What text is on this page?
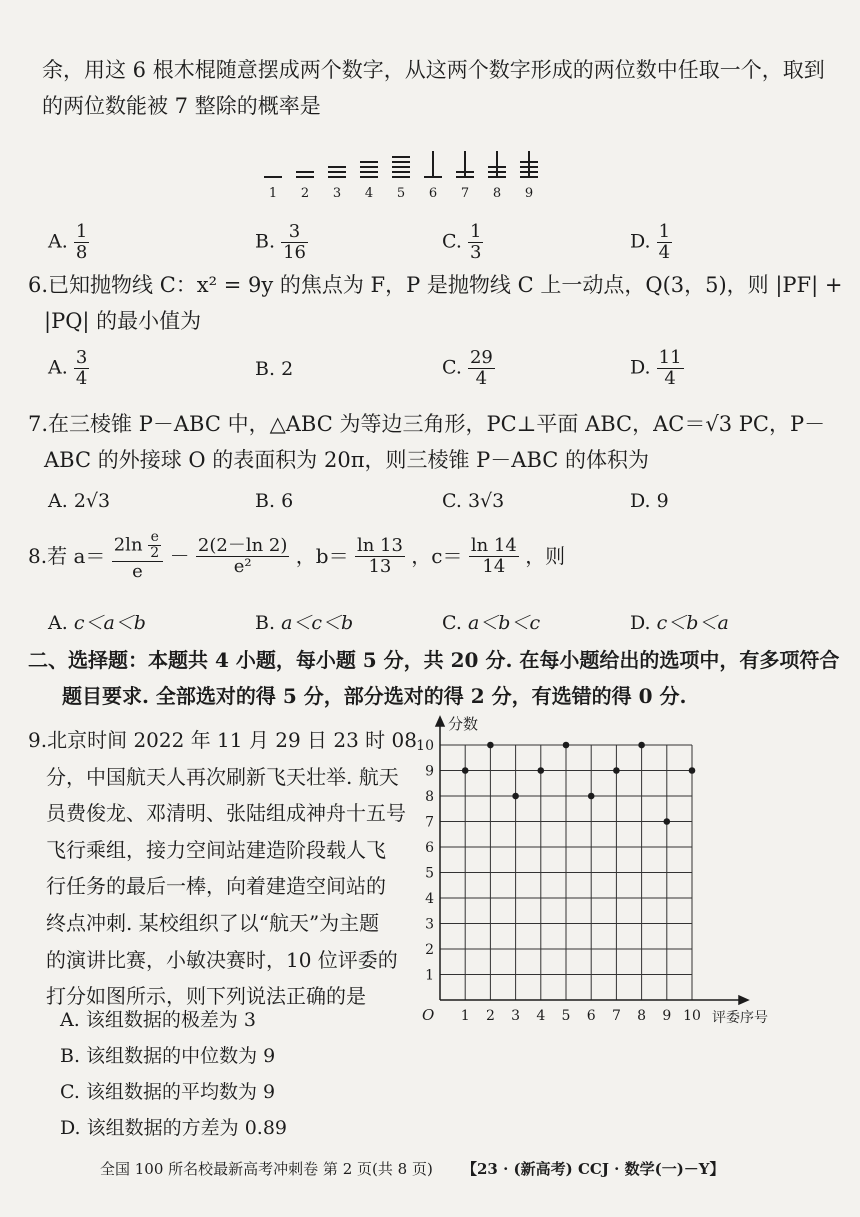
余，用这 6 根木棍随意摆成两个数字，从这两个数字形成的两位数中任取一个，取到
的两位数能被 7 整除的概率是
1 2 3 4 5 6 7 8 9
A. $\frac{1}{8}$	B. $\frac{3}{16}$	C. $\frac{1}{3}$	D. $\frac{1}{4}$
6.已知抛物线 C：x² = 9y 的焦点为 F，P 是抛物线 C 上一动点，Q(3，5)，则 |PF| +
|PQ| 的最小值为
A. $\frac{3}{4}$	B. 2	C. $\frac{29}{4}$	D. $\frac{11}{4}$
7.在三棱锥 P－ABC 中，△ABC 为等边三角形，PC⊥平面 ABC，AC＝√3 PC，P－
ABC 的外接球 O 的表面积为 20π，则三棱锥 P－ABC 的体积为
A. 2√3	B. 6	C. 3√3	D. 9
8.若 $a= \frac{2\ln \frac{e}{2}}{e} - \frac{2(2-\ln 2)}{\text{e²}}$ ，$b= \frac{\ln 13}{13}$ ，$c= \frac{\ln 14}{14}$ ，则
A. c＜a＜b	B. a＜c＜b	C. a＜b＜c	D. c＜b＜a
二、选择题：本题共 4 小题，每小题 5 分，共 20 分. 在每小题给出的选项中，有多项符合
题目要求. 全部选对的得 5 分，部分选对的得 2 分，有选错的得 0 分.
9.北京时间 2022 年 11 月 29 日 23 时 08
分，中国航天人再次刷新飞天壮举. 航天
员费俊龙、邓清明、张陆组成神舟十五号
飞行乘组，接力空间站建造阶段载人飞
行任务的最后一棒，向着建造空间站的
终点冲刺. 某校组织了以“航天”为主题
的演讲比赛，小敏决赛时，10 位评委的
打分如图所示，则下列说法正确的是
A. 该组数据的极差为 3
B. 该组数据的中位数为 9
C. 该组数据的平均数为 9
D. 该组数据的方差为 0.89
1 2 3 4 5 6 7 8 9 10
1
2
3
4
5
6
7
8
9
10
分数
评委序号
O
全国 100 所名校最新高考冲刺卷 第 2 页(共 8 页) 【23 · (新高考) CCJ · 数学(一)－Y】
